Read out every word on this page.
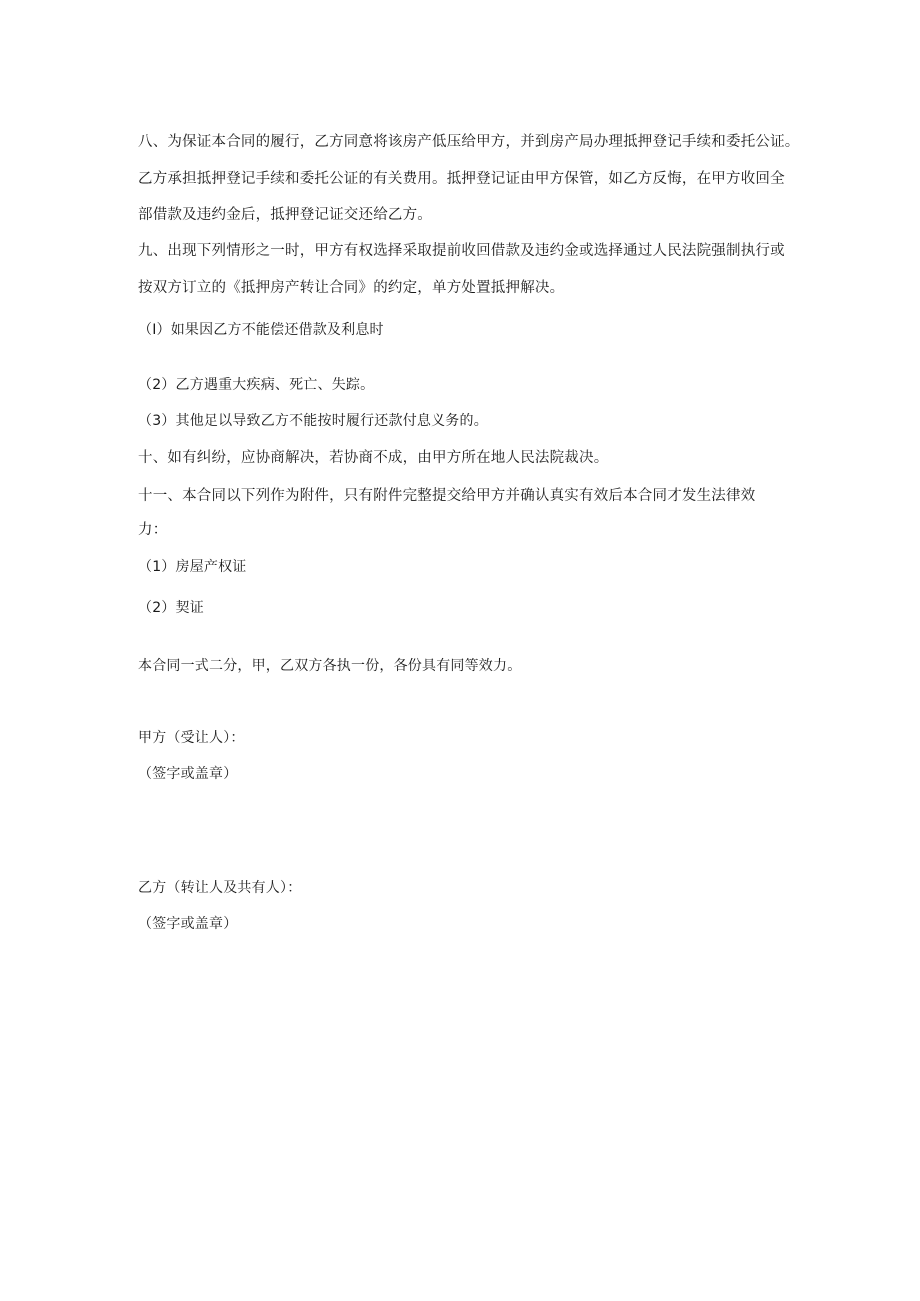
八、为保证本合同的履行，乙方同意将该房产低压给甲方，并到房产局办理抵押登记手续和委托公证。
乙方承担抵押登记手续和委托公证的有关费用。抵押登记证由甲方保管，如乙方反悔，在甲方收回全
部借款及违约金后，抵押登记证交还给乙方。
九、出现下列情形之一时，甲方有权选择采取提前收回借款及违约金或选择通过人民法院强制执行或
按双方订立的《抵押房产转让合同》的约定，单方处置抵押解决。
（I）如果因乙方不能偿还借款及利息时
（2）乙方遇重大疾病、死亡、失踪。
（3）其他足以导致乙方不能按时履行还款付息义务的。
十、如有纠纷，应协商解决，若协商不成，由甲方所在地人民法院裁决。
十一、本合同以下列作为附件，只有附件完整提交给甲方并确认真实有效后本合同才发生法律效
力：
（1）房屋产权证
（2）契证
本合同一式二分，甲，乙双方各执一份，各份具有同等效力。
甲方（受让人）：
（签字或盖章）
乙方（转让人及共有人）：
（签字或盖章）
